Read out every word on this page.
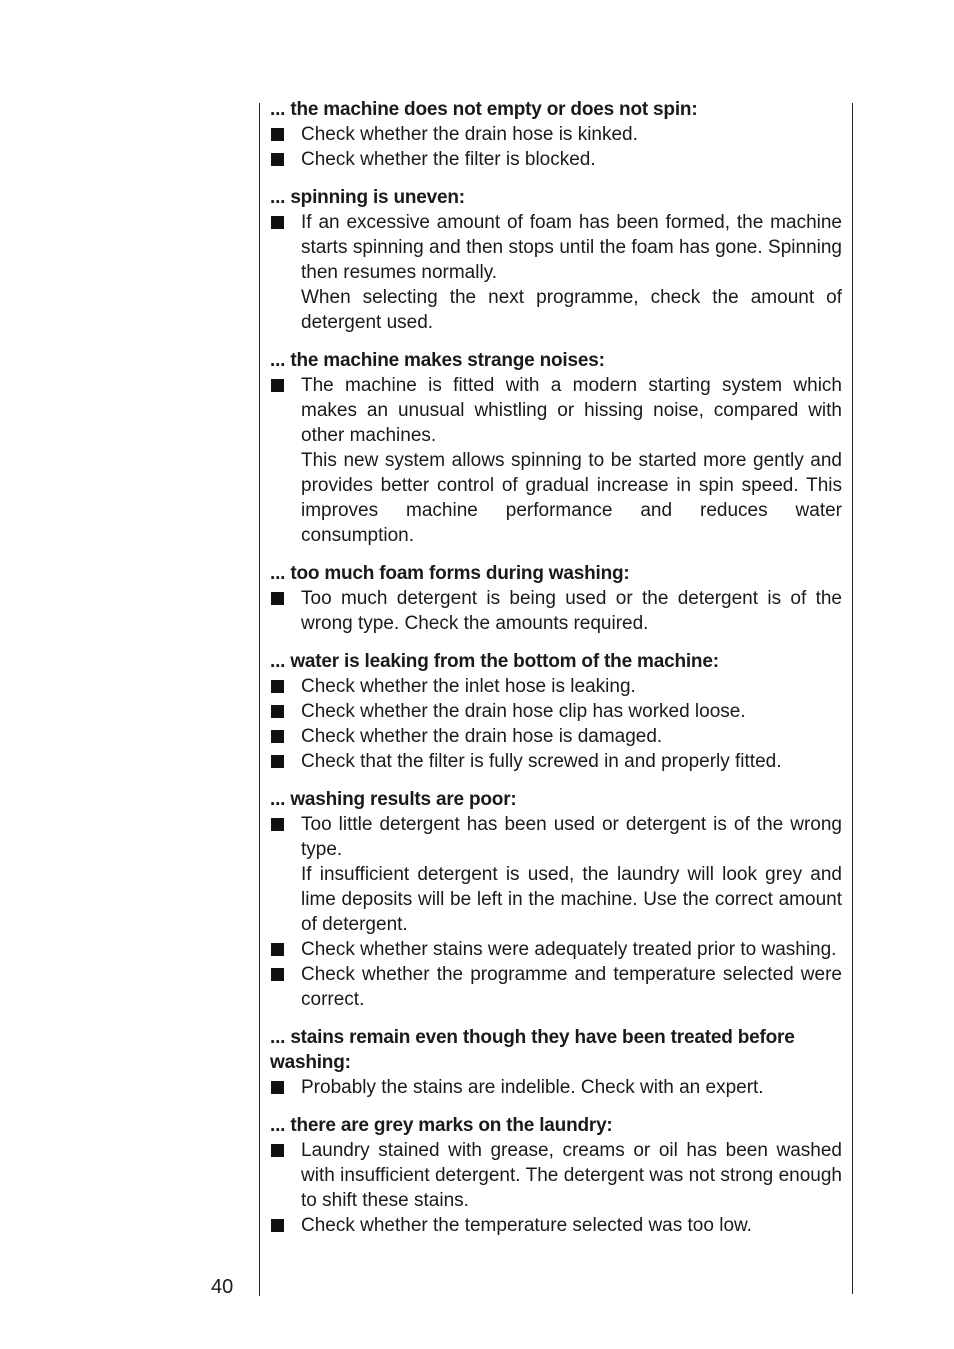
... the machine does not empty or does not spin:

Check whether the drain hose is kinked.

Check whether the filter is blocked.

... spinning is uneven:

If an excessive amount of foam has been formed, the machine starts spinning and then stops until the foam has gone. Spinning then resumes normally.

When selecting the next programme, check the amount of detergent used.

... the machine makes strange noises:

The machine is fitted with a modern starting system which makes an unusual whistling or hissing noise, compared with other machines.

This new system allows spinning to be started more gently and provides better control of gradual increase in spin speed. This improves machine performance and reduces water consumption.

... too much foam forms during washing:

Too much detergent is being used or the detergent is of the wrong type. Check the amounts required.

... water is leaking from the bottom of the machine:

Check whether the inlet hose is leaking.

Check whether the drain hose clip has worked loose.

Check whether the drain hose is damaged.

Check that the filter is fully screwed in and properly fitted.

... washing results are poor:

Too little detergent has been used or detergent is of the wrong type.

If insufficient detergent is used, the laundry will look grey and lime deposits will be left in the machine. Use the correct amount of detergent.

Check whether stains were adequately treated prior to washing.

Check whether the programme and temperature selected were correct.

... stains remain even though they have been treated before washing:

Probably the stains are indelible. Check with an expert.

... there are grey marks on the laundry:

Laundry stained with grease, creams or oil has been washed with insufficient detergent. The detergent was not strong enough to shift these stains.

Check whether the temperature selected was too low.

40
